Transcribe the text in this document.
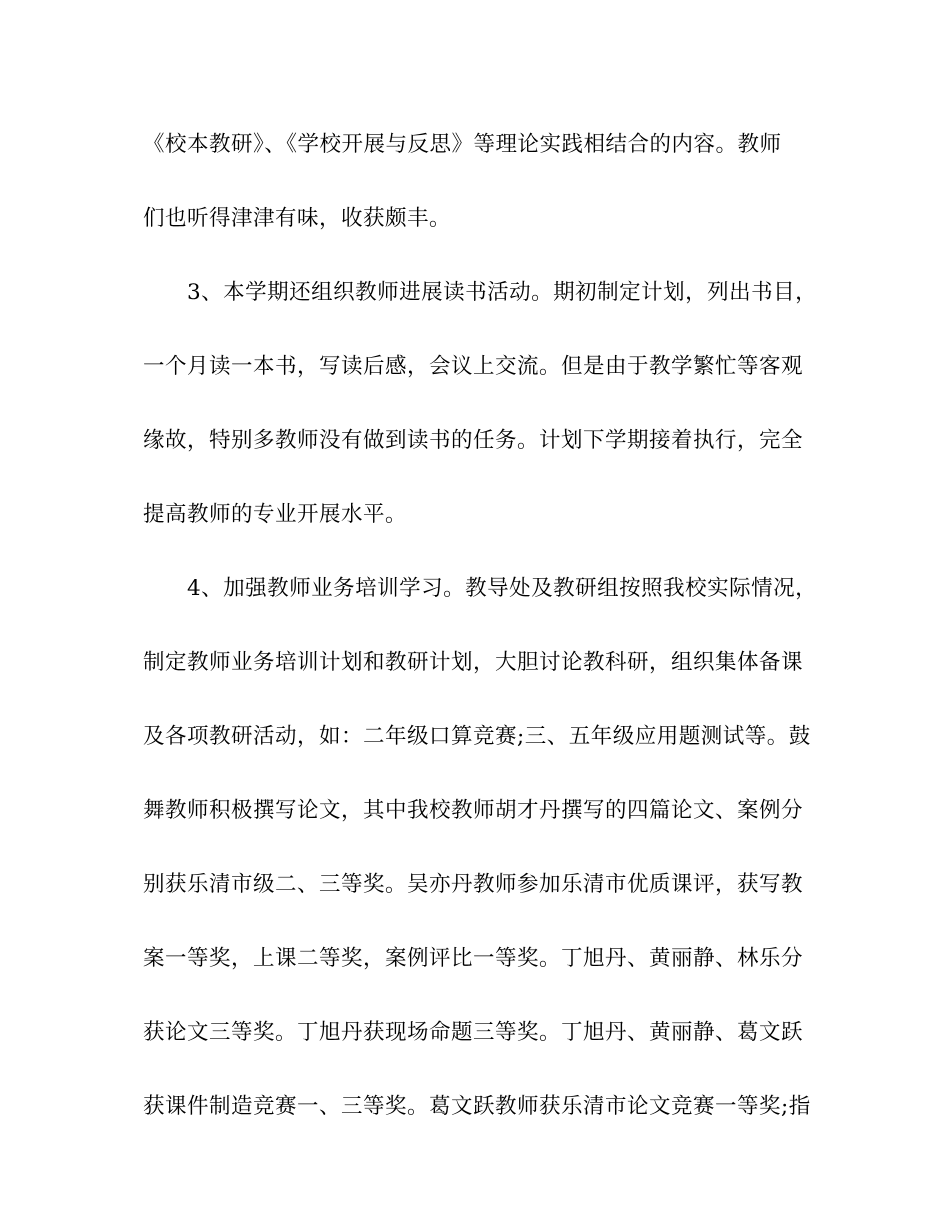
《校本教研》、《学校开展与反思》等理论实践相结合的内容。教师
们也听得津津有味，收获颇丰。
3、本学期还组织教师进展读书活动。期初制定计划，列出书目，
一个月读一本书，写读后感，会议上交流。但是由于教学繁忙等客观
缘故，特别多教师没有做到读书的任务。计划下学期接着执行，完全
提高教师的专业开展水平。
4、加强教师业务培训学习。教导处及教研组按照我校实际情况，
制定教师业务培训计划和教研计划，大胆讨论教科研，组织集体备课
及各项教研活动，如：二年级口算竞赛;三、五年级应用题测试等。鼓
舞教师积极撰写论文，其中我校教师胡才丹撰写的四篇论文、案例分
别获乐清市级二、三等奖。吴亦丹教师参加乐清市优质课评，获写教
案一等奖，上课二等奖，案例评比一等奖。丁旭丹、黄丽静、林乐分
获论文三等奖。丁旭丹获现场命题三等奖。丁旭丹、黄丽静、葛文跃
获课件制造竞赛一、三等奖。葛文跃教师获乐清市论文竞赛一等奖;指
